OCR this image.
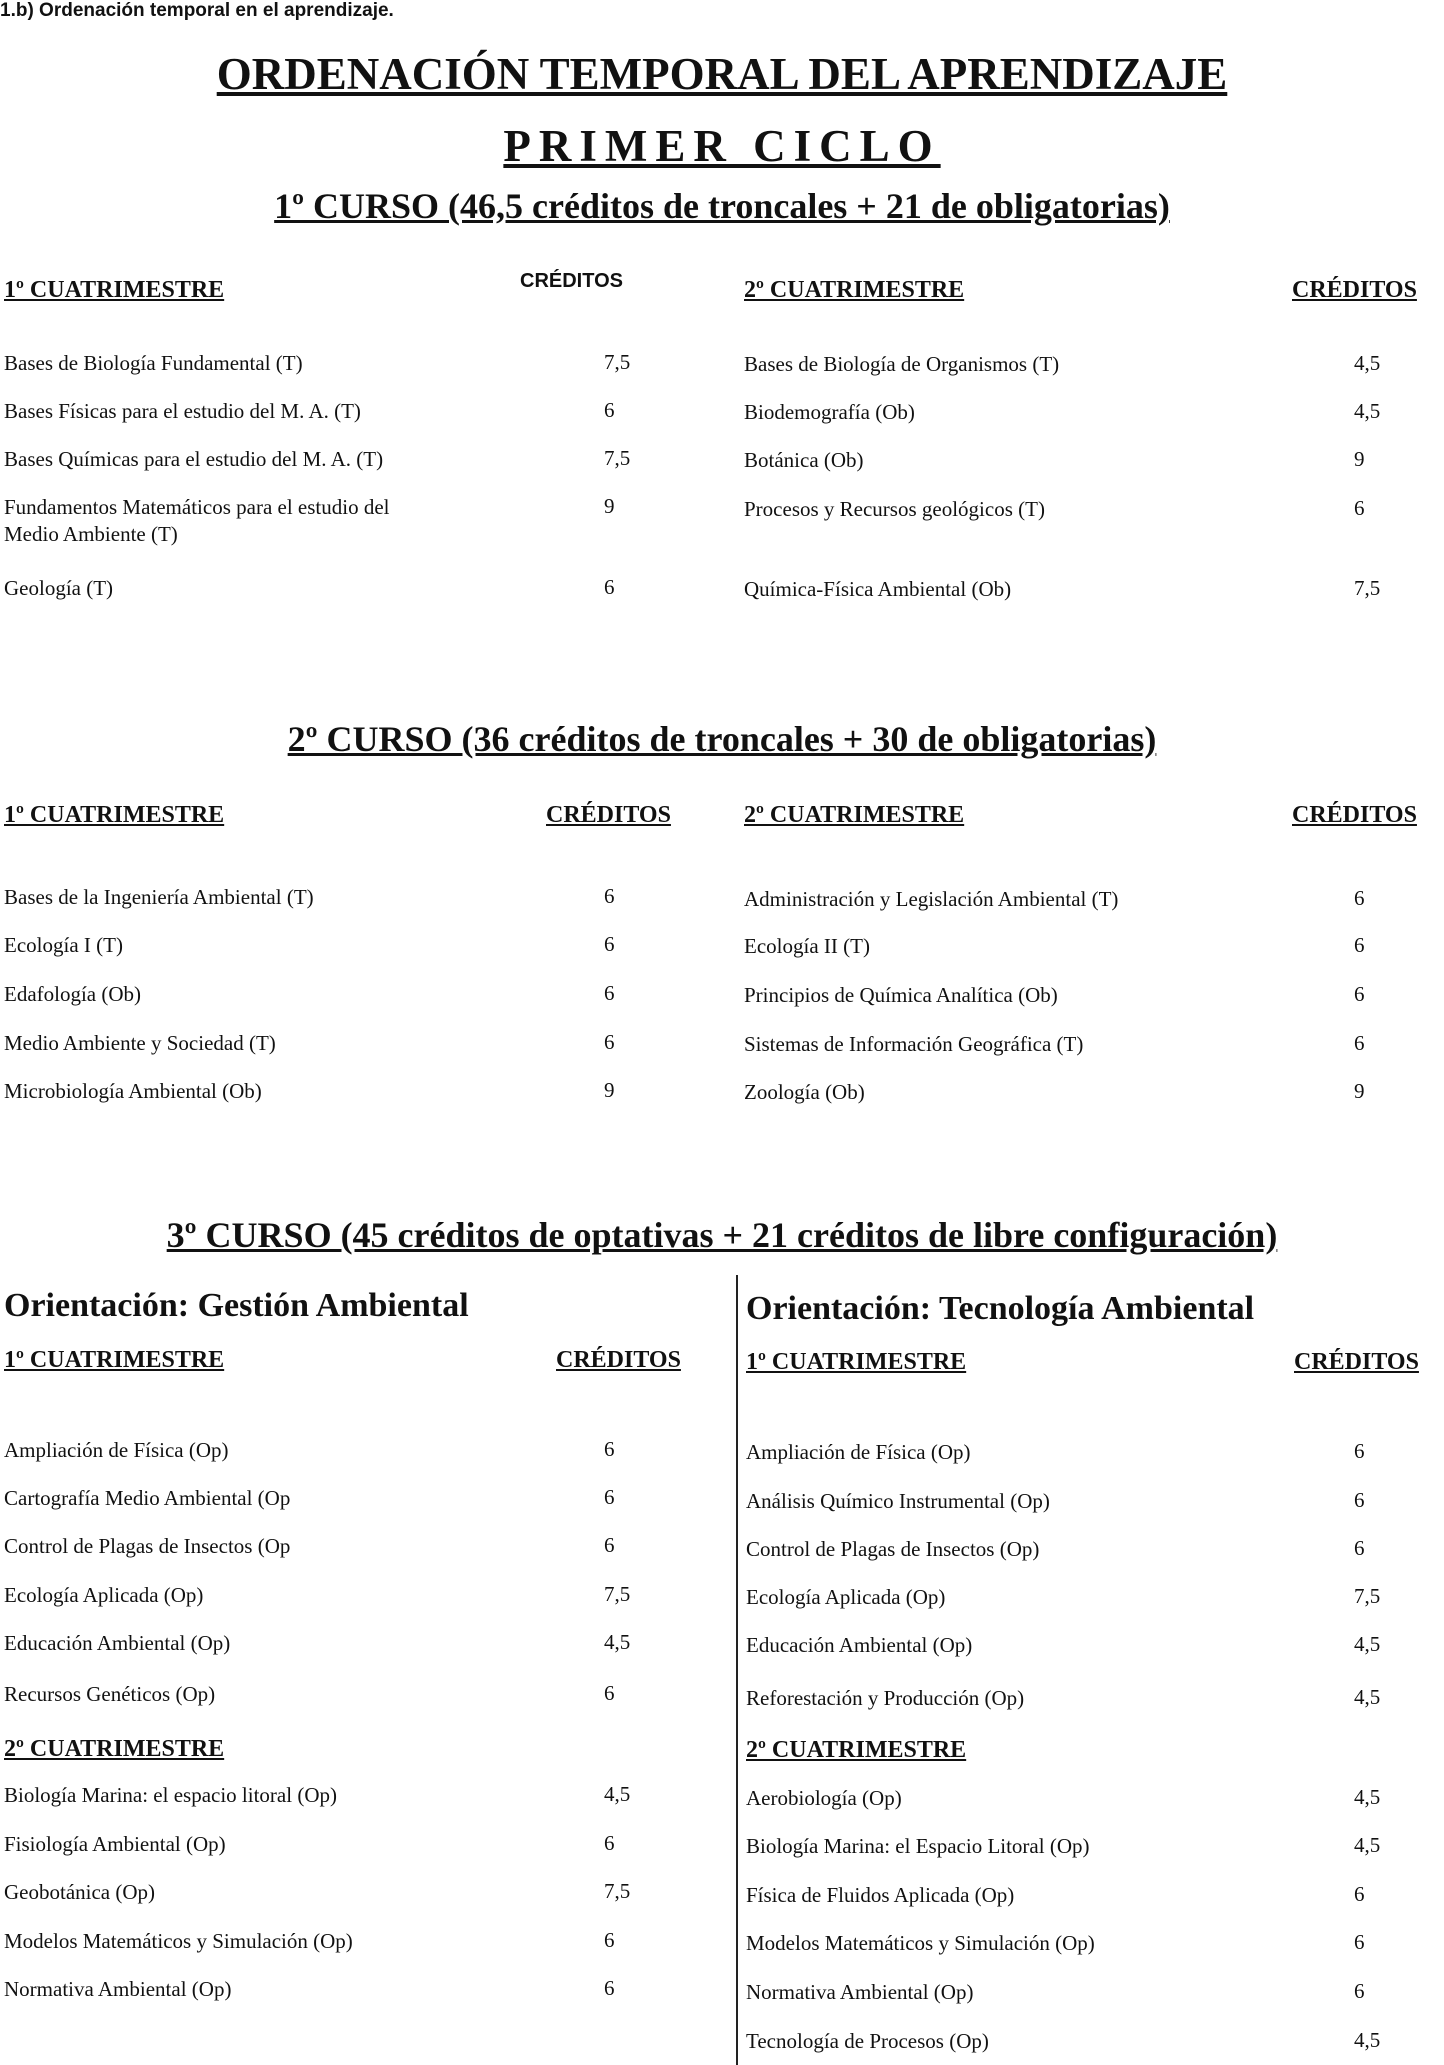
1.b) Ordenación temporal en el aprendizaje.
ORDENACIÓN TEMPORAL DEL APRENDIZAJE
PRIMER CICLO
1º CURSO (46,5 créditos de troncales + 21 de obligatorias)
1º CUATRIMESTRE	CRÉDITOS	2º CUATRIMESTRE	CRÉDITOS
Bases de Biología Fundamental (T)	7,5
Bases Físicas para el estudio del M. A. (T)	6
Bases Químicas para el estudio del M. A. (T)	7,5
Fundamentos Matemáticos para el estudio del
Medio Ambiente (T)
9
Geología (T)	6
Bases de Biología de Organismos (T)	4,5
Biodemografía (Ob)	4,5
Botánica (Ob)	9
Procesos y Recursos geológicos (T)	6
Química-Física Ambiental (Ob)	7,5
2º CURSO (36 créditos de troncales + 30 de obligatorias)
1º CUATRIMESTRE	CRÉDITOS	2º CUATRIMESTRE	CRÉDITOS
Bases de la Ingeniería Ambiental (T)	6
Ecología I (T)	6
Edafología (Ob)	6
Medio Ambiente y Sociedad (T)	6
Microbiología Ambiental (Ob)	9
Administración y Legislación Ambiental (T)	6
Ecología II (T)	6
Principios de Química Analítica (Ob)	6
Sistemas de Información Geográfica (T)	6
Zoología (Ob)	9
3º CURSO (45 créditos de optativas + 21 créditos de libre configuración)
Orientación: Gestión Ambiental
1º CUATRIMESTRE	CRÉDITOS
2º CUATRIMESTRE
Ampliación de Física (Op)	6
Cartografía Medio Ambiental (Op	6
Control de Plagas de Insectos (Op	6
Ecología Aplicada (Op)	7,5
Educación Ambiental (Op)	4,5
Recursos Genéticos (Op)	6
Biología Marina: el espacio litoral (Op)	4,5
Fisiología Ambiental (Op)	6
Geobotánica (Op)	7,5
Modelos Matemáticos y Simulación (Op)	6
Normativa Ambiental (Op)	6
Orientación: Tecnología Ambiental
1º CUATRIMESTRE	CRÉDITOS
2º CUATRIMESTRE
Ampliación de Física (Op)	6
Análisis Químico Instrumental (Op)	6
Control de Plagas de Insectos (Op)	6
Ecología Aplicada (Op)	7,5
Educación Ambiental (Op)	4,5
Reforestación y Producción (Op)	4,5
Aerobiología (Op)	4,5
Biología Marina: el Espacio Litoral (Op)	4,5
Física de Fluidos Aplicada (Op)	6
Modelos Matemáticos y Simulación (Op)	6
Normativa Ambiental (Op)	6
Tecnología de Procesos (Op)	4,5
